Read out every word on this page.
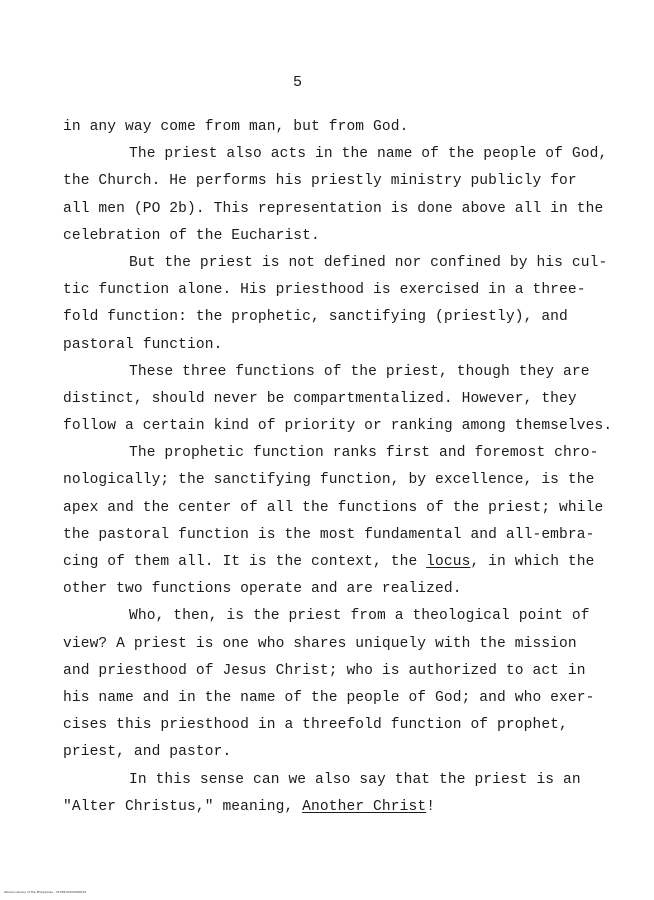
5
in any way come from man, but from God.
The priest also acts in the name of the people of God,
the Church. He performs his priestly ministry publicly for
all men (PO 2b). This representation is done above all in the
celebration of the Eucharist.
But the priest is not defined nor confined by his cul-
tic function alone. His priesthood is exercised in a three-
fold function: the prophetic, sanctifying (priestly), and
pastoral function.
These three functions of the priest, though they are
distinct, should never be compartmentalized. However, they
follow a certain kind of priority or ranking among themselves.
The prophetic function ranks first and foremost chro-
nologically; the sanctifying function, by excellence, is the
apex and the center of all the functions of the priest; while
the pastoral function is the most fundamental and all-embra-
cing of them all. It is the context, the locus, in which the
other two functions operate and are realized.
Who, then, is the priest from a theological point of
view? A priest is one who shares uniquely with the mission
and priesthood of Jesus Christ; who is authorized to act in
his name and in the name of the people of God; and who exer-
cises this priesthood in a threefold function of prophet,
priest, and pastor.
In this sense can we also say that the priest is an
"Alter Christus," meaning, Another Christ!
Ateneo Library of the Philippines · 3178970500990010
